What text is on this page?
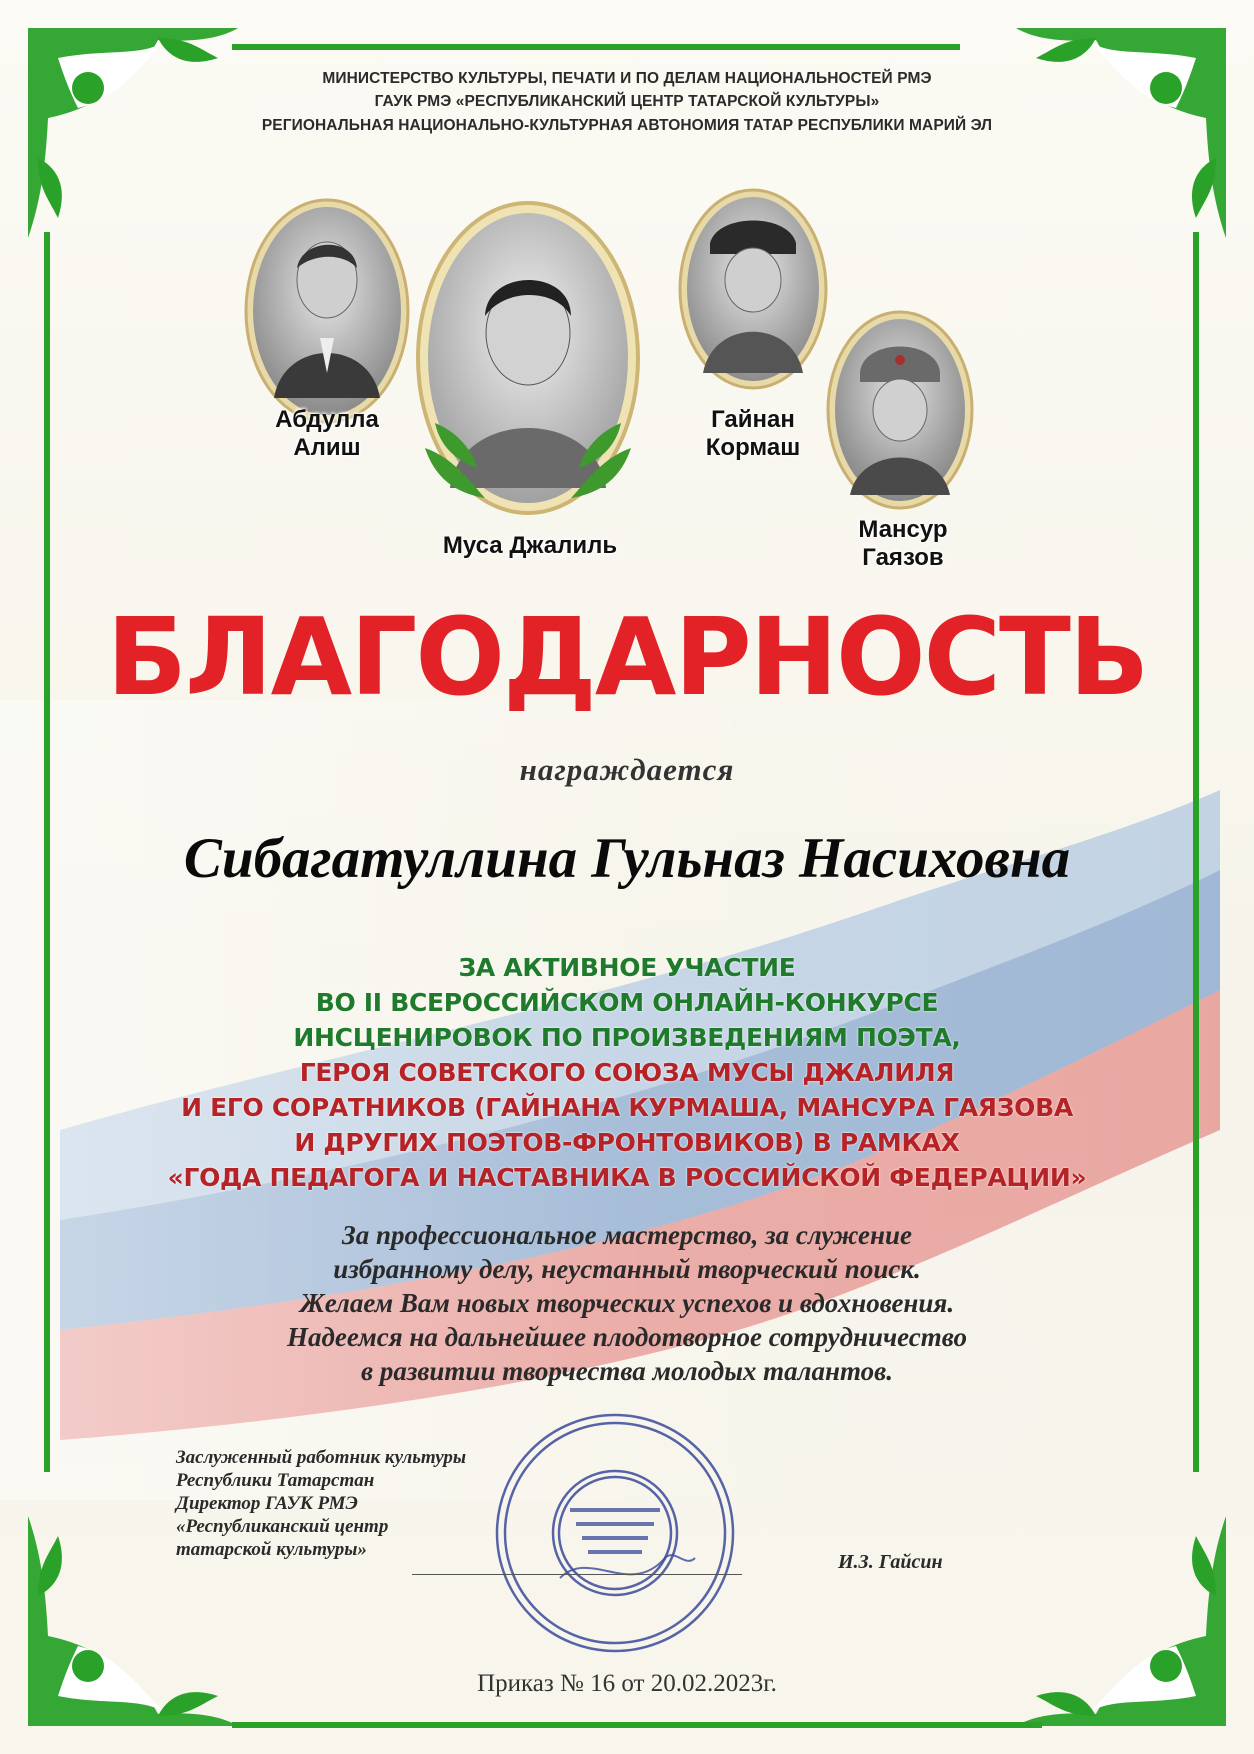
МИНИСТЕРСТВО КУЛЬТУРЫ, ПЕЧАТИ И ПО ДЕЛАМ НАЦИОНАЛЬНОСТЕЙ РМЭ
ГАУК РМЭ «РЕСПУБЛИКАНСКИЙ ЦЕНТР ТАТАРСКОЙ КУЛЬТУРЫ»
РЕГИОНАЛЬНАЯ НАЦИОНАЛЬНО-КУЛЬТУРНАЯ АВТОНОМИЯ ТАТАР РЕСПУБЛИКИ МАРИЙ ЭЛ
Абдулла
Алиш
Муса Джалиль
Гайнан
Кормаш
Мансур
Гаязов
БЛАГОДАРНОСТЬ
награждается
Сибагатуллина Гульназ Насиховна
ЗА АКТИВНОЕ УЧАСТИЕ
ВО II ВСЕРОССИЙСКОМ ОНЛАЙН-КОНКУРСЕ
ИНСЦЕНИРОВОК ПО ПРОИЗВЕДЕНИЯМ ПОЭТА,
ГЕРОЯ СОВЕТСКОГО СОЮЗА МУСЫ ДЖАЛИЛЯ
И ЕГО СОРАТНИКОВ (ГАЙНАНА КУРМАША, МАНСУРА ГАЯЗОВА
И ДРУГИХ ПОЭТОВ-ФРОНТОВИКОВ) В РАМКАХ
«ГОДА ПЕДАГОГА И НАСТАВНИКА В РОССИЙСКОЙ ФЕДЕРАЦИИ»
За профессиональное мастерство, за служение
избранному делу, неустанный творческий поиск.
Желаем Вам новых творческих успехов и вдохновения.
Надеемся на дальнейшее плодотворное сотрудничество
в развитии творчества молодых талантов.
Заслуженный работник культуры
Республики Татарстан
Директор ГАУК РМЭ
«Республиканский центр
татарской культуры»
И.З. Гайсин
Приказ № 16 от 20.02.2023г.
